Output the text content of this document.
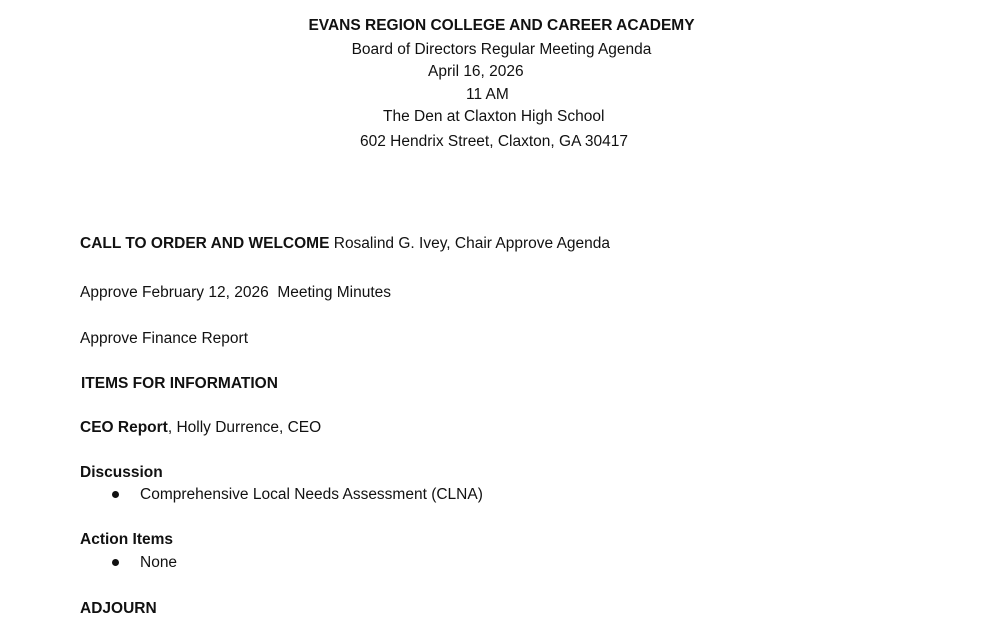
EVANS REGION COLLEGE AND CAREER ACADEMY
Board of Directors Regular Meeting Agenda
April 16, 2026
11 AM
The Den at Claxton High School
602 Hendrix Street, Claxton, GA 30417
CALL TO ORDER AND WELCOME Rosalind G. Ivey, Chair Approve Agenda
Approve February 12, 2026  Meeting Minutes
Approve Finance Report
ITEMS FOR INFORMATION
CEO Report, Holly Durrence, CEO
Discussion
Comprehensive Local Needs Assessment (CLNA)
Action Items
None
ADJOURN
